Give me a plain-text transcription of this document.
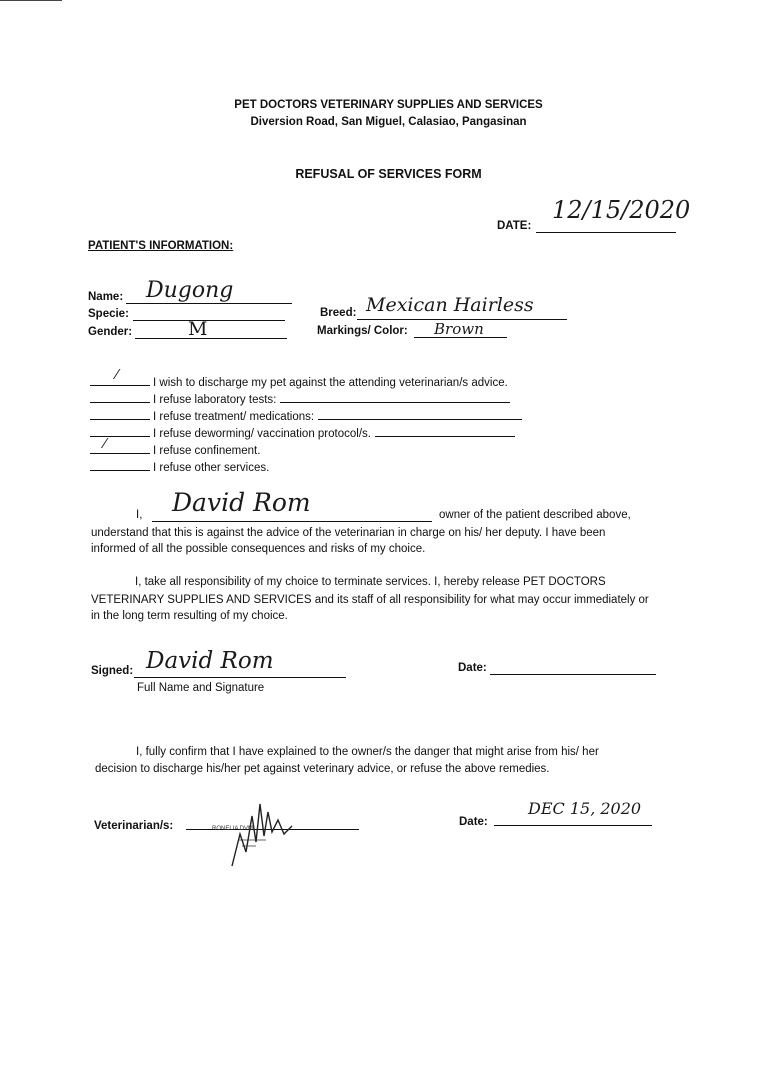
PET DOCTORS VETERINARY SUPPLIES AND SERVICES
Diversion Road, San Miguel, Calasiao, Pangasinan
REFUSAL OF SERVICES FORM
DATE:
12/15/2020
PATIENT'S INFORMATION:
Name: Dugong
Specie:
Gender:	M
Breed: Mexican Hairless
Markings/ Color: Brown
I wish to discharge my pet against the attending veterinarian/s advice.
⁄
I refuse laboratory tests:
I refuse treatment/ medications:
I refuse deworming/ vaccination protocol/s.
I refuse confinement.
⁄
I refuse other services.
I, David Rom	owner of the patient described above,

understand that this is against the advice of the veterinarian in charge on his/ her deputy. I have been

informed of all the possible consequences and risks of my choice.

I, take all responsibility of my choice to terminate services. I, hereby release PET DOCTORS

VETERINARY SUPPLIES AND SERVICES and its staff of all responsibility for what may occur immediately or

in the long term resulting of my choice.

Signed: David Rom
Full Name and Signature
Date:
I, fully confirm that I have explained to the owner/s the danger that might arise from his/ her
decision to discharge his/her pet against veterinary advice, or refuse the above remedies.
Veterinarian/s:	RONELIA DVM
Date:
DEC 15, 2020
